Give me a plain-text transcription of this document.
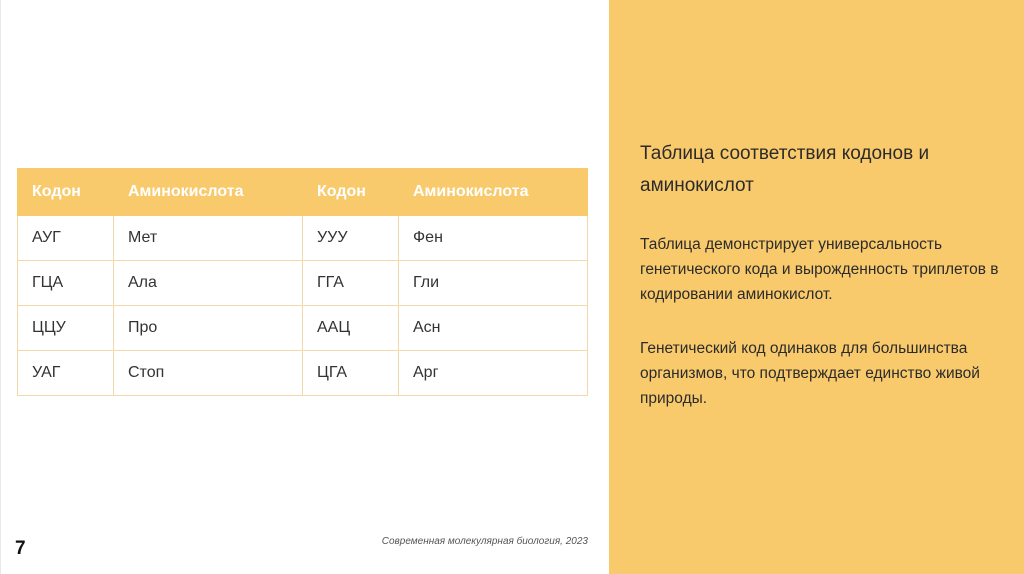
Кодон	Аминокислота	Кодон	Аминокислота
АУГ	Мет	УУУ	Фен
ГЦА	Ала	ГГА	Гли
ЦЦУ	Про	ААЦ	Асн
УАГ	Стоп	ЦГА	Арг
Таблица соответствия кодонов и аминокислот
Таблица демонстрирует универсальность генетического кода и вырожденность триплетов в кодировании аминокислот.
Генетический код одинаков для большинства организмов, что подтверждает единство живой природы.
7	Современная молекулярная биология, 2023
